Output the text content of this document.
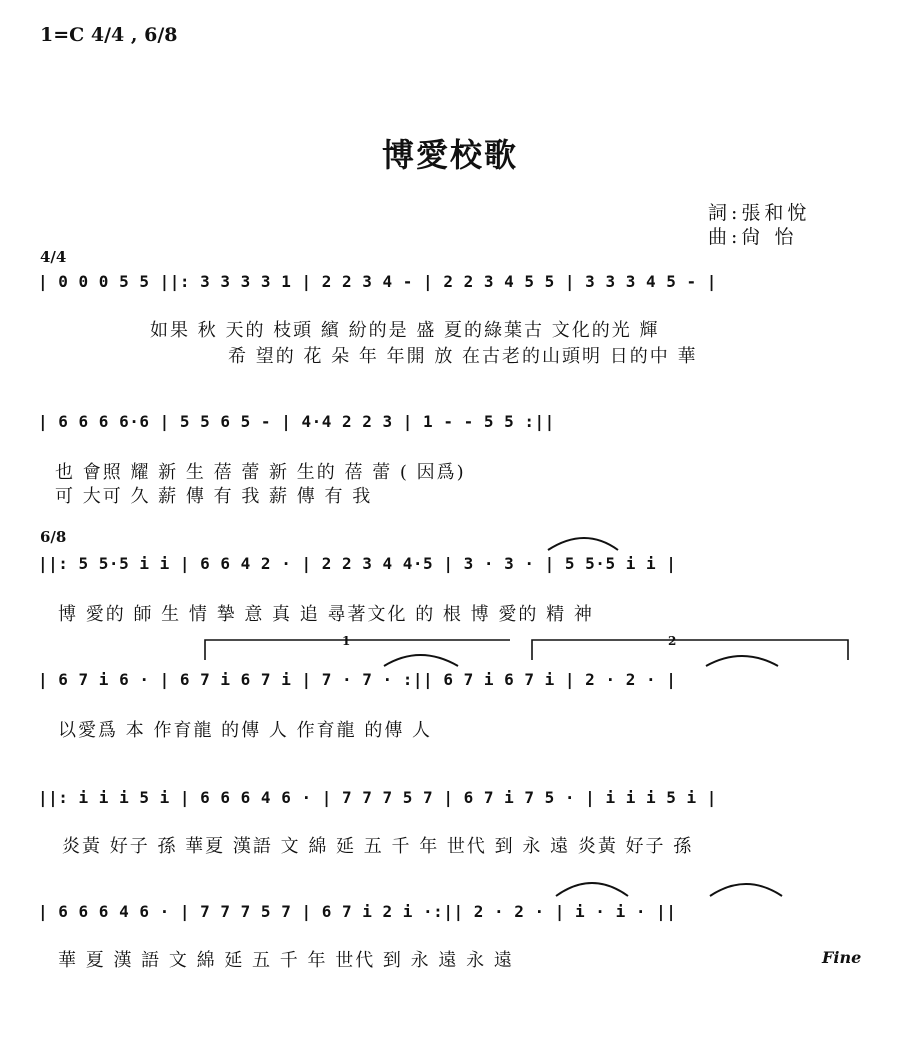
1=C 4/4 , 6/8
博愛校歌
詞:張和悅
曲:尙 怡
4/4
| 0 0 0 5 5 ||: 3 3 3 3 1 | 2 2 3 4 - | 2 2 3 4 5 5 | 3 3 3 4 5 - |
如果 秋 天的 枝頭 繽 紛的是 盛 夏的綠葉古 文化的光 輝
希 望的 花 朵 年 年開 放 在古老的山頭明 日的中 華
| 6 6 6 6·6 | 5 5 6 5 - | 4·4 2 2 3 | 1 - - 5 5 :||
也 會照 耀 新 生 蓓 蕾 新 生的 蓓 蕾 ( 因爲)
可 大可 久 薪 傳 有 我 薪 傳 有 我
6/8
||: 5 5·5 i i | 6 6 4 2 · | 2 2 3 4 4·5 | 3 · 3 · | 5 5·5 i i |
博 愛的 師 生 情 摯 意 真 追 尋著文化 的 根 博 愛的 精 神
1	2
| 6 7 i 6 · | 6 7 i 6 7 i | 7 · 7 · :|| 6 7 i 6 7 i | 2 · 2 · |
以愛爲 本 作育龍 的傳 人 作育龍 的傳 人
||: i i i 5 i | 6 6 6 4 6 · | 7 7 7 5 7 | 6 7 i 7 5 · | i i i 5 i |
炎黃 好子 孫 華夏 漢語 文 綿 延 五 千 年 世代 到 永 遠 炎黃 好子 孫
| 6 6 6 4 6 · | 7 7 7 5 7 | 6 7 i 2 i ·:|| 2 · 2 · | i · i · ||
華 夏 漢 語 文 綿 延 五 千 年 世代 到 永 遠 永 遠	Fine
